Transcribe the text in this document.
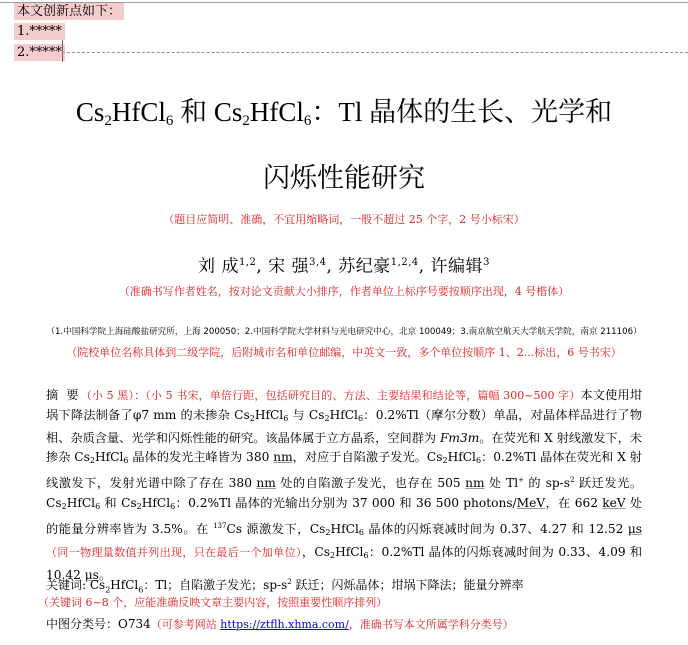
本文创新点如下：
1.*****
2.*****
$Cs_2HfCl_6$ 和 $Cs_2HfCl_6$：Tl 晶体的生长、光学和
闪烁性能研究
（题目应简明、准确，不宜用缩略词，一般不超过 25 个字，2 号小标宋）
刘 成$^{1,2}$, 宋 强$^{3,4}$, 苏纪豪$^{1,2,4}$, 许编辑$^3$
（准确书写作者姓名，按对论文贡献大小排序，作者单位上标序号要按顺序出现，4 号楷体）
（1.中国科学院上海硅酸盐研究所，上海 200050；2.中国科学院大学材料与光电研究中心，北京 100049；3.南京航空航天大学航天学院，南京 211106）
（院校单位名称具体到二级学院，后附城市名和单位邮编，中英文一致，多个单位按顺序 1、2...标出，6 号书宋）
摘 要（小 5 黑）：（小 5 书宋，单倍行距，包括研究目的、方法、主要结果和结论等，篇幅 300~500 字）本文使用坩埚下降法制备了φ7 mm 的未掺杂 $Cs_2HfCl_6$ 与 $Cs_2HfCl_6$：0.2%Tl（摩尔分数）单晶，对晶体样品进行了物相、杂质含量、光学和闪烁性能的研究。该晶体属于立方晶系，空间群为 Fm3m。在荧光和 X 射线激发下，未掺杂 $Cs_2HfCl_6$ 晶体的发光主峰皆为 380 nm，对应于自陷激子发光。$Cs_2HfCl_6$：0.2%Tl 晶体在荧光和 X 射线激发下，发射光谱中除了存在 380 nm 处的自陷激子发光，也存在 505 nm 处 Tl+ 的 $sp-s^2$ 跃迁发光。$Cs_2HfCl_6$ 和 $Cs_2HfCl_6$：0.2%Tl 晶体的光输出分别为 37 000 和 36 500 photons/MeV，在 662 keV 处的能量分辨率皆为 3.5%。在 $^{137}$Cs 源激发下，$Cs_2HfCl_6$ 晶体的闪烁衰减时间为 0.37、4.27 和 12.52 μs（同一物理量数值并列出现，只在最后一个加单位），$Cs_2HfCl_6$：0.2%Tl 晶体的闪烁衰减时间为 0.33、4.09 和 10.42 μs。
关键词: $Cs_2HfCl_6$：Tl；自陷激子发光；$sp-s^2$ 跃迁；闪烁晶体；坩埚下降法；能量分辨率
（关键词 6~8 个，应能准确反映文章主要内容，按照重要性顺序排列）
中图分类号：O734（可参考网站 https://ztflh.xhma.com/，准确书写本文所属学科分类号）
